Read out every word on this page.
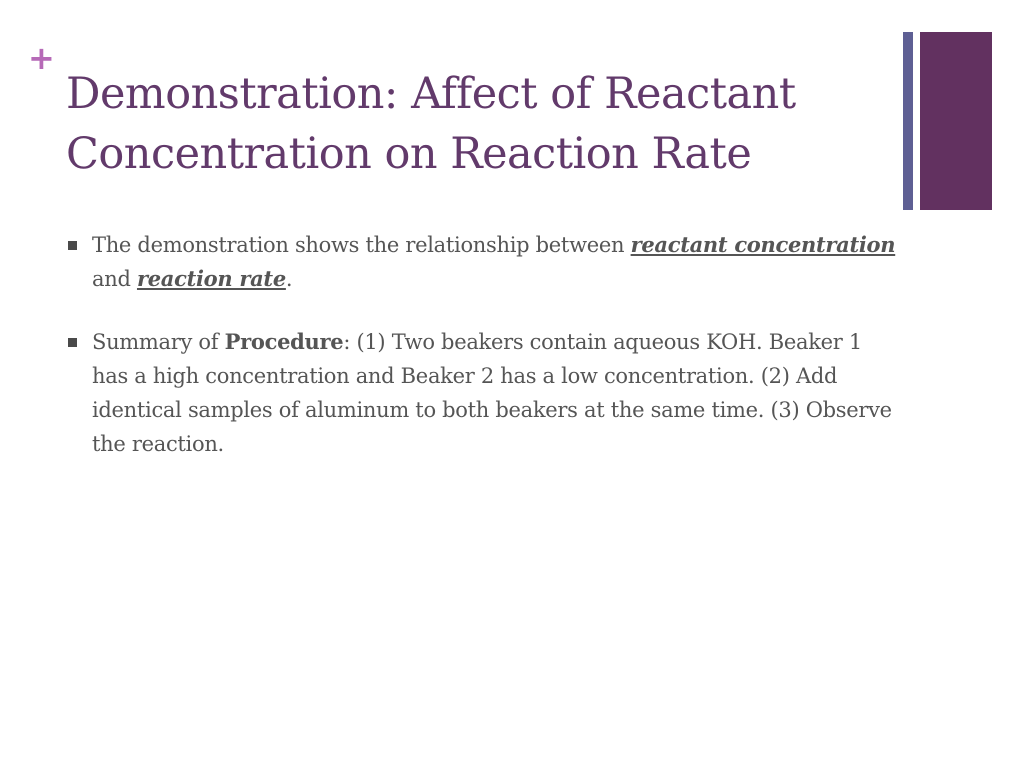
+
Demonstration: Affect of Reactant
Concentration on Reaction Rate
The demonstration shows the relationship between reactant concentration and reaction rate.
Summary of Procedure: (1) Two beakers contain aqueous KOH. Beaker 1 has a high concentration and Beaker 2 has a low concentration. (2) Add identical samples of aluminum to both beakers at the same time. (3) Observe the reaction.
